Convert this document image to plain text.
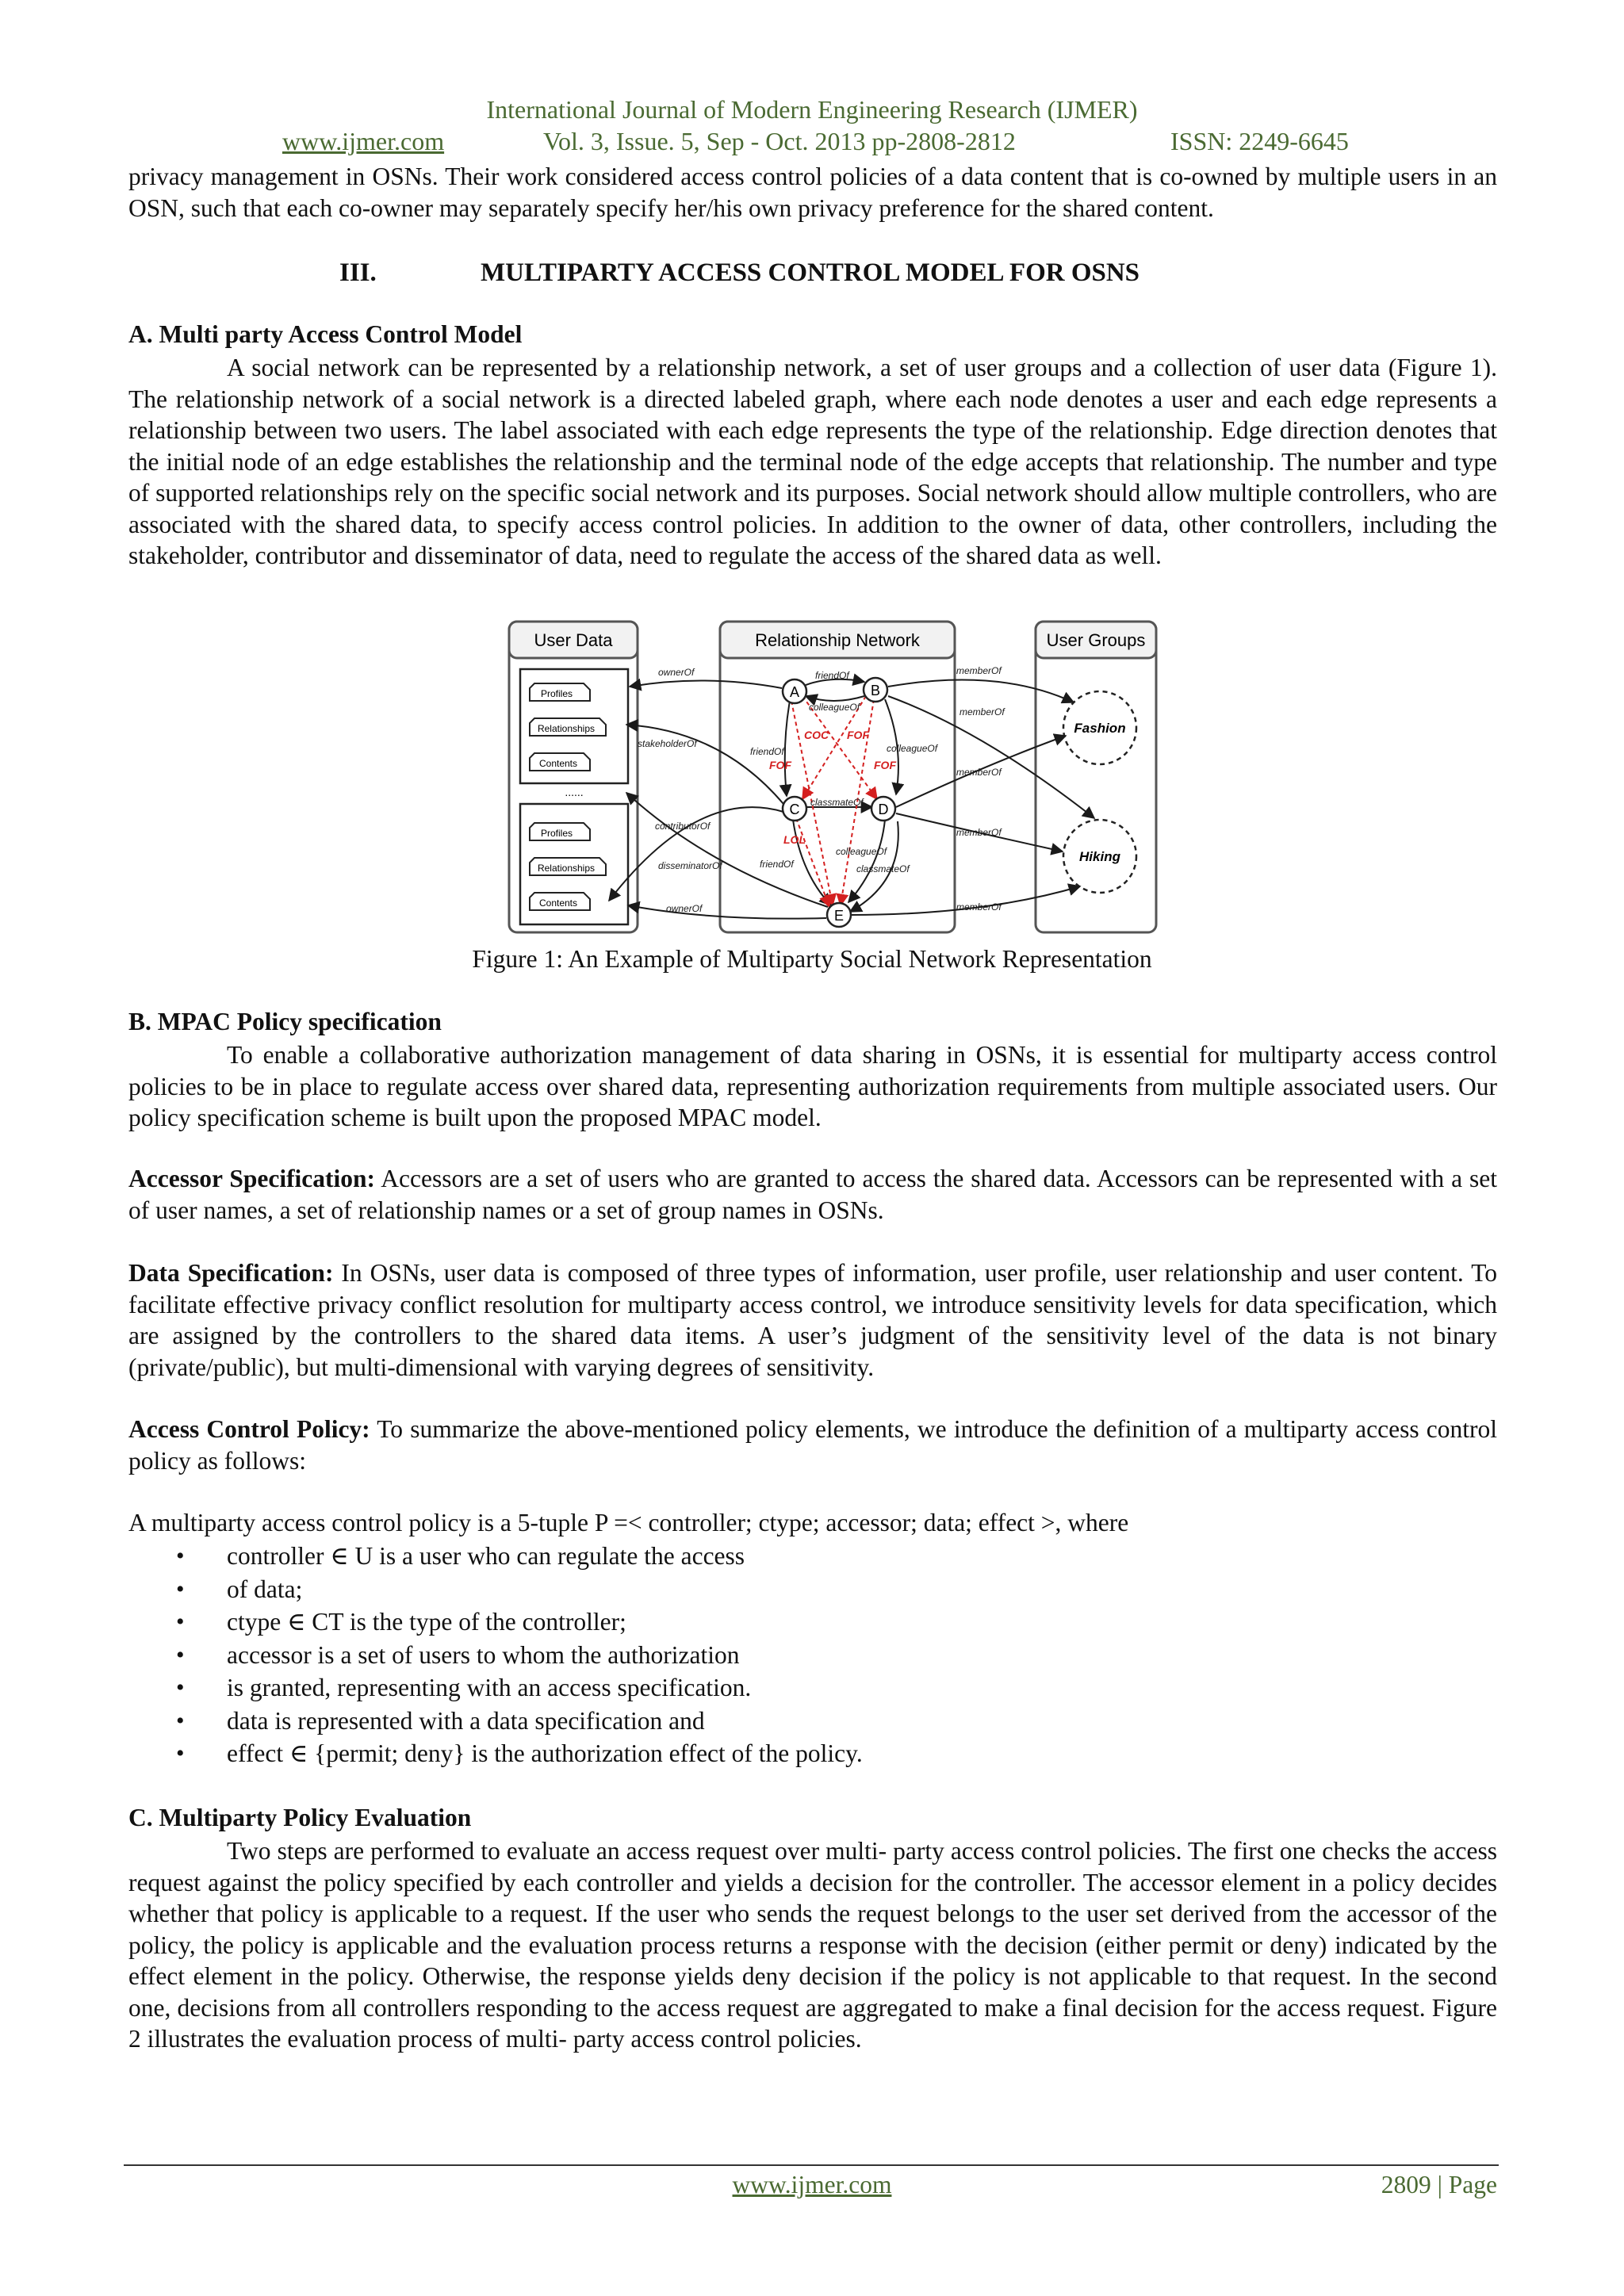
International Journal of Modern Engineering Research (IJMER)
www.ijmer.com	Vol. 3, Issue. 5, Sep - Oct. 2013 pp-2808-2812	ISSN: 2249-6645

privacy management in OSNs. Their work considered access control policies of a data content that is co-owned by multiple users in an OSN, such that each co-owner may separately specify her/his own privacy preference for the shared content.

III.	MULTIPARTY ACCESS CONTROL MODEL FOR OSNS
A. Multi party Access Control Model

A social network can be represented by a relationship network, a set of user groups and a collection of user data (Figure 1). The relationship network of a social network is a directed labeled graph, where each node denotes a user and each edge represents a relationship between two users. The label associated with each edge represents the type of the relationship. Edge direction denotes that the initial node of an edge establishes the relationship and the terminal node of the edge accepts that relationship. The number and type of supported relationships rely on the specific social network and its purposes. Social network should allow multiple controllers, who are associated with the shared data, to specify access control policies. In addition to the owner of data, other controllers, including the stakeholder, contributor and disseminator of data, need to regulate the access of the shared data as well.

User Data
Profiles
Relationships
Contents
......
Profiles
Relationships
Contents
Relationship Network	User Groups
Fashion
Hiking
A	B
C	D
E
friendOf
colleagueOf
friendOf	colleagueOf
classmateOf
colleagueOf
friendOf	classmateOf
COC FOF
FOF	FOF
LOL
ownerOf
stakeholderOf
contributorOf
disseminatorOf
ownerOf
memberOf
memberOf
memberOf
memberOf
memberOf
Figure 1: An Example of Multiparty Social Network Representation
B. MPAC Policy specification

To enable a collaborative authorization management of data sharing in OSNs, it is essential for multiparty access control policies to be in place to regulate access over shared data, representing authorization requirements from multiple associated users. Our policy specification scheme is built upon the proposed MPAC model.

Accessor Specification: Accessors are a set of users who are granted to access the shared data. Accessors can be represented with a set of user names, a set of relationship names or a set of group names in OSNs.

Data Specification: In OSNs, user data is composed of three types of information, user profile, user relationship and user content. To facilitate effective privacy conflict resolution for multiparty access control, we introduce sensitivity levels for data specification, which are assigned by the controllers to the shared data items. A user’s judgment of the sensitivity level of the data is not binary (private/public), but multi-dimensional with varying degrees of sensitivity.

Access Control Policy: To summarize the above-mentioned policy elements, we introduce the definition of a multiparty access control policy as follows:

A multiparty access control policy is a 5-tuple P =< controller; ctype; accessor; data; effect >, where

• controller ∈ U is a user who can regulate the access
• of data;
• ctype ∈ CT is the type of the controller;
• accessor is a set of users to whom the authorization
• is granted, representing with an access specification.
• data is represented with a data specification and
• effect ∈ {permit; deny} is the authorization effect of the policy.
C. Multiparty Policy Evaluation

Two steps are performed to evaluate an access request over multi- party access control policies. The first one checks the access request against the policy specified by each controller and yields a decision for the controller. The accessor element in a policy decides whether that policy is applicable to a request. If the user who sends the request belongs to the user set derived from the accessor of the policy, the policy is applicable and the evaluation process returns a response with the decision (either permit or deny) indicated by the effect element in the policy. Otherwise, the response yields deny decision if the policy is not applicable to that request. In the second one, decisions from all controllers responding to the access request are aggregated to make a final decision for the access request. Figure 2 illustrates the evaluation process of multi- party access control policies.

www.ijmer.com	2809 | Page
